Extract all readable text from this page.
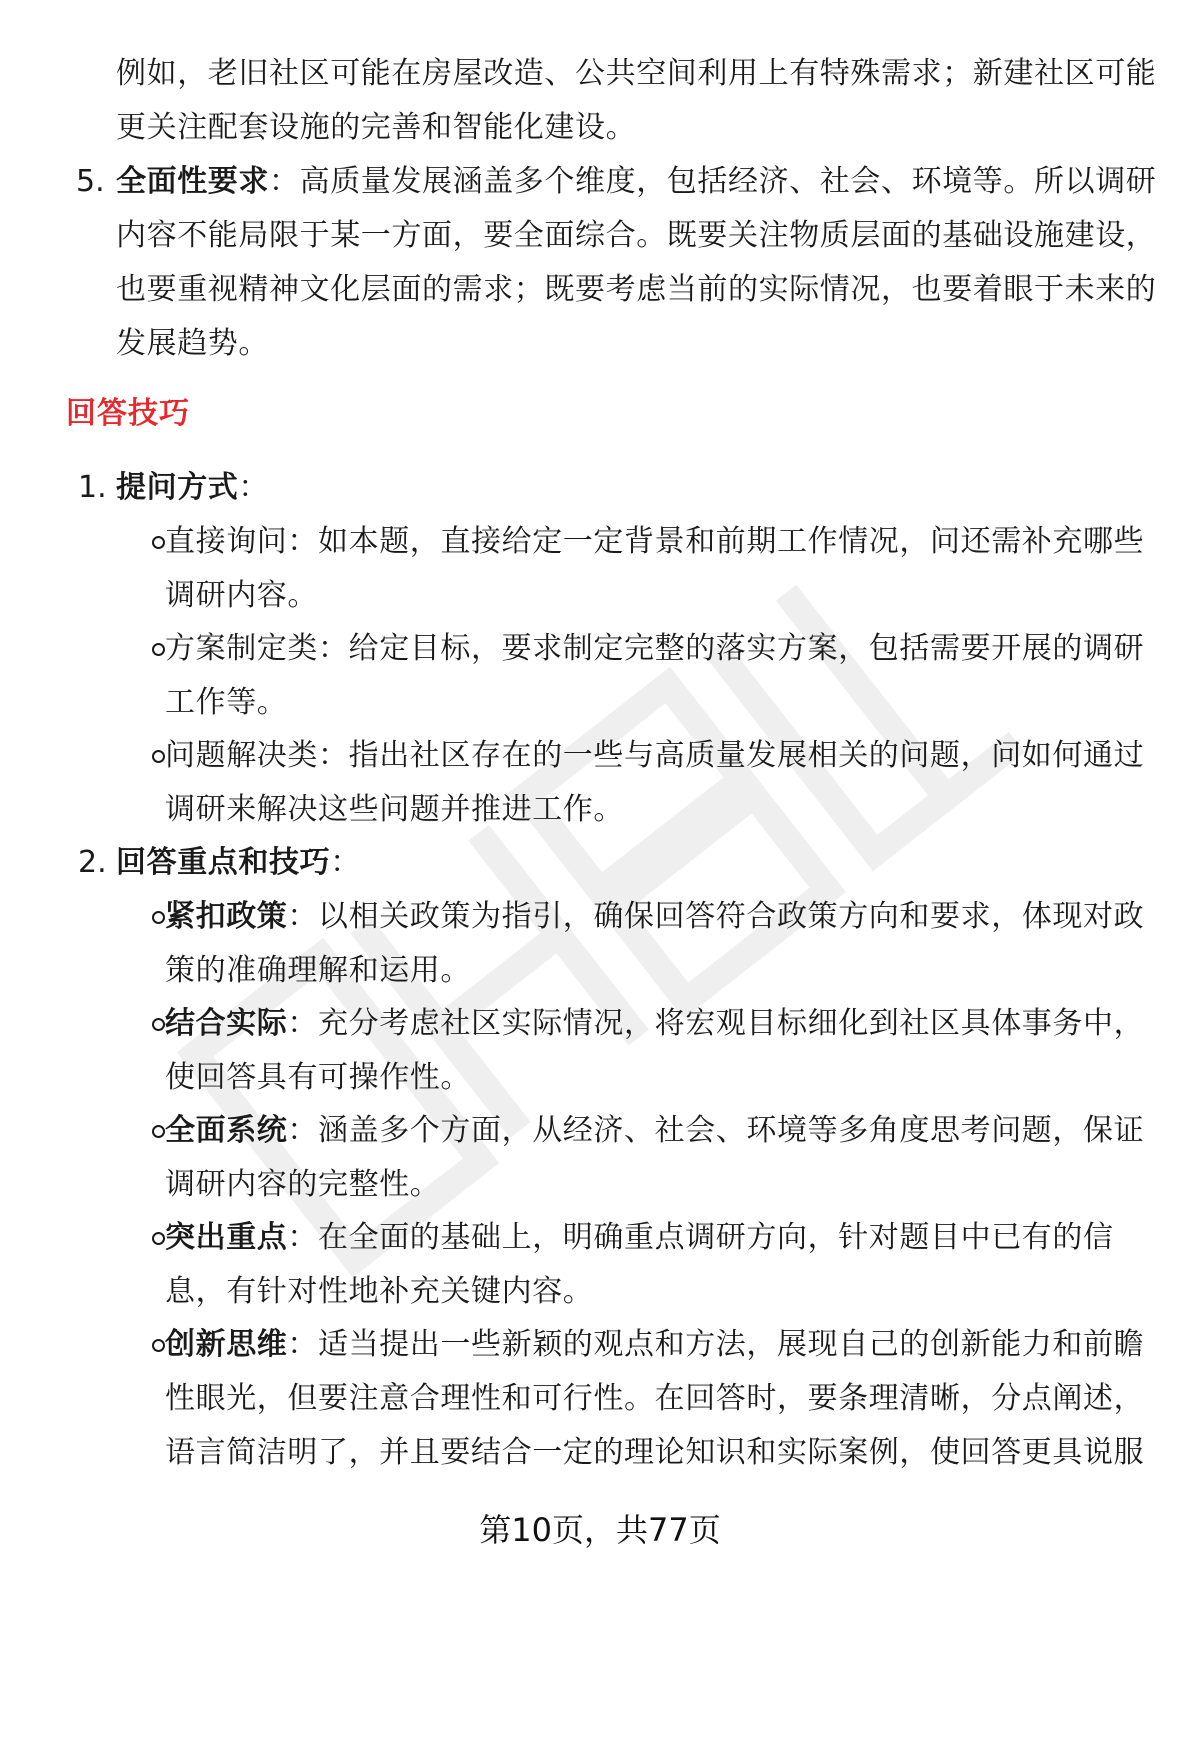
例如，老旧社区可能在房屋改造、公共空间利用上有特殊需求；新建社区可能
更关注配套设施的完善和智能化建设。
5. 全面性要求：高质量发展涵盖多个维度，包括经济、社会、环境等。所以调研
内容不能局限于某一方面，要全面综合。既要关注物质层面的基础设施建设，
也要重视精神文化层面的需求；既要考虑当前的实际情况，也要着眼于未来的
发展趋势。
回答技巧
1. 提问方式：
直接询问：如本题，直接给定一定背景和前期工作情况，问还需补充哪些
调研内容。
方案制定类：给定目标，要求制定完整的落实方案，包括需要开展的调研
工作等。
问题解决类：指出社区存在的一些与高质量发展相关的问题，问如何通过
调研来解决这些问题并推进工作。
2. 回答重点和技巧：
紧扣政策：以相关政策为指引，确保回答符合政策方向和要求，体现对政
策的准确理解和运用。
结合实际：充分考虑社区实际情况，将宏观目标细化到社区具体事务中，
使回答具有可操作性。
全面系统：涵盖多个方面，从经济、社会、环境等多角度思考问题，保证
调研内容的完整性。
突出重点：在全面的基础上，明确重点调研方向，针对题目中已有的信
息，有针对性地补充关键内容。
创新思维：适当提出一些新颖的观点和方法，展现自己的创新能力和前瞻
性眼光，但要注意合理性和可行性。在回答时，要条理清晰，分点阐述，
语言简洁明了，并且要结合一定的理论知识和实际案例，使回答更具说服
第10页，共77页
